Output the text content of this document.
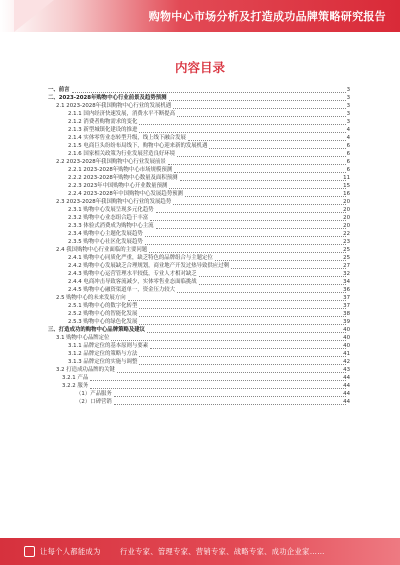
购物中心市场分析及打造成功品牌策略研究报告
内容目录
一、前言	3
二、2023-2028年购物中心行业前景及趋势预测	3
2.1 2023-2028年我国购物中心行业的发展机遇	3
2.1.1 国内经济快速发展，消费水平不断提高	3
2.1.2 消费者购物需求的变化	3
2.1.3 新型城镇化建设的推进	4
2.1.4 实体零售业态转型升级，线上线下融合发展	4
2.1.5 电商巨头纷纷布局线下，购物中心迎来新的发展机遇	6
2.1.6 国家相关政策为行业发展营造良好环境	6
2.2 2023-2028年我国购物中心行业发展前景	6
2.2.1 2023-2028年购物中心市场规模预测	6
2.2.2 2023-2028年购物中心数量及面积预测	11
2.2.3 2023年中国购物中心开业数量预测	15
2.2.4 2023-2028年中国购物中心发展趋势预测	16
2.3 2023-2028年我国购物中心行业的发展趋势	20
2.3.1 购物中心发展呈现多元化趋势	20
2.3.2 购物中心业态组合趋于丰富	20
2.3.3 体验式消费成为购物中心主流	20
2.3.4 购物中心主题化发展趋势	22
2.3.5 购物中心社区化发展趋势	23
2.4 我国购物中心行业面临的主要问题	25
2.4.1 购物中心同质化严重，缺乏特色的品牌组合与主题定位	25
2.4.2 购物中心发展缺乏合理规划，商业地产开发过热导致供应过剩	27
2.4.3 购物中心运营管理水平较低，专业人才相对缺乏	32
2.4.4 电商冲击导致客流减少，实体零售业态面临挑战	34
2.4.5 购物中心融资渠道单一，资金压力较大	36
2.5 购物中心的未来发展方向	37
2.5.1 购物中心的数字化转型	37
2.5.2 购物中心的智能化发展	38
2.5.3 购物中心的绿色化发展	39
三、打造成功的购物中心品牌策略及建议	40
3.1 购物中心品牌定位	40
3.1.1 品牌定位的基本原则与要素	40
3.1.2 品牌定位的策略与方法	41
3.1.3 品牌定位的实施与调整	42
3.2 打造成功品牌的关键	43
3.2.1 产品	44
3.2.2 服务	44
（1）产品服务	44
（2）口碑营销	44
让每个人都能成为	行业专家、管理专家、营销专家、战略专家、成功企业家……
